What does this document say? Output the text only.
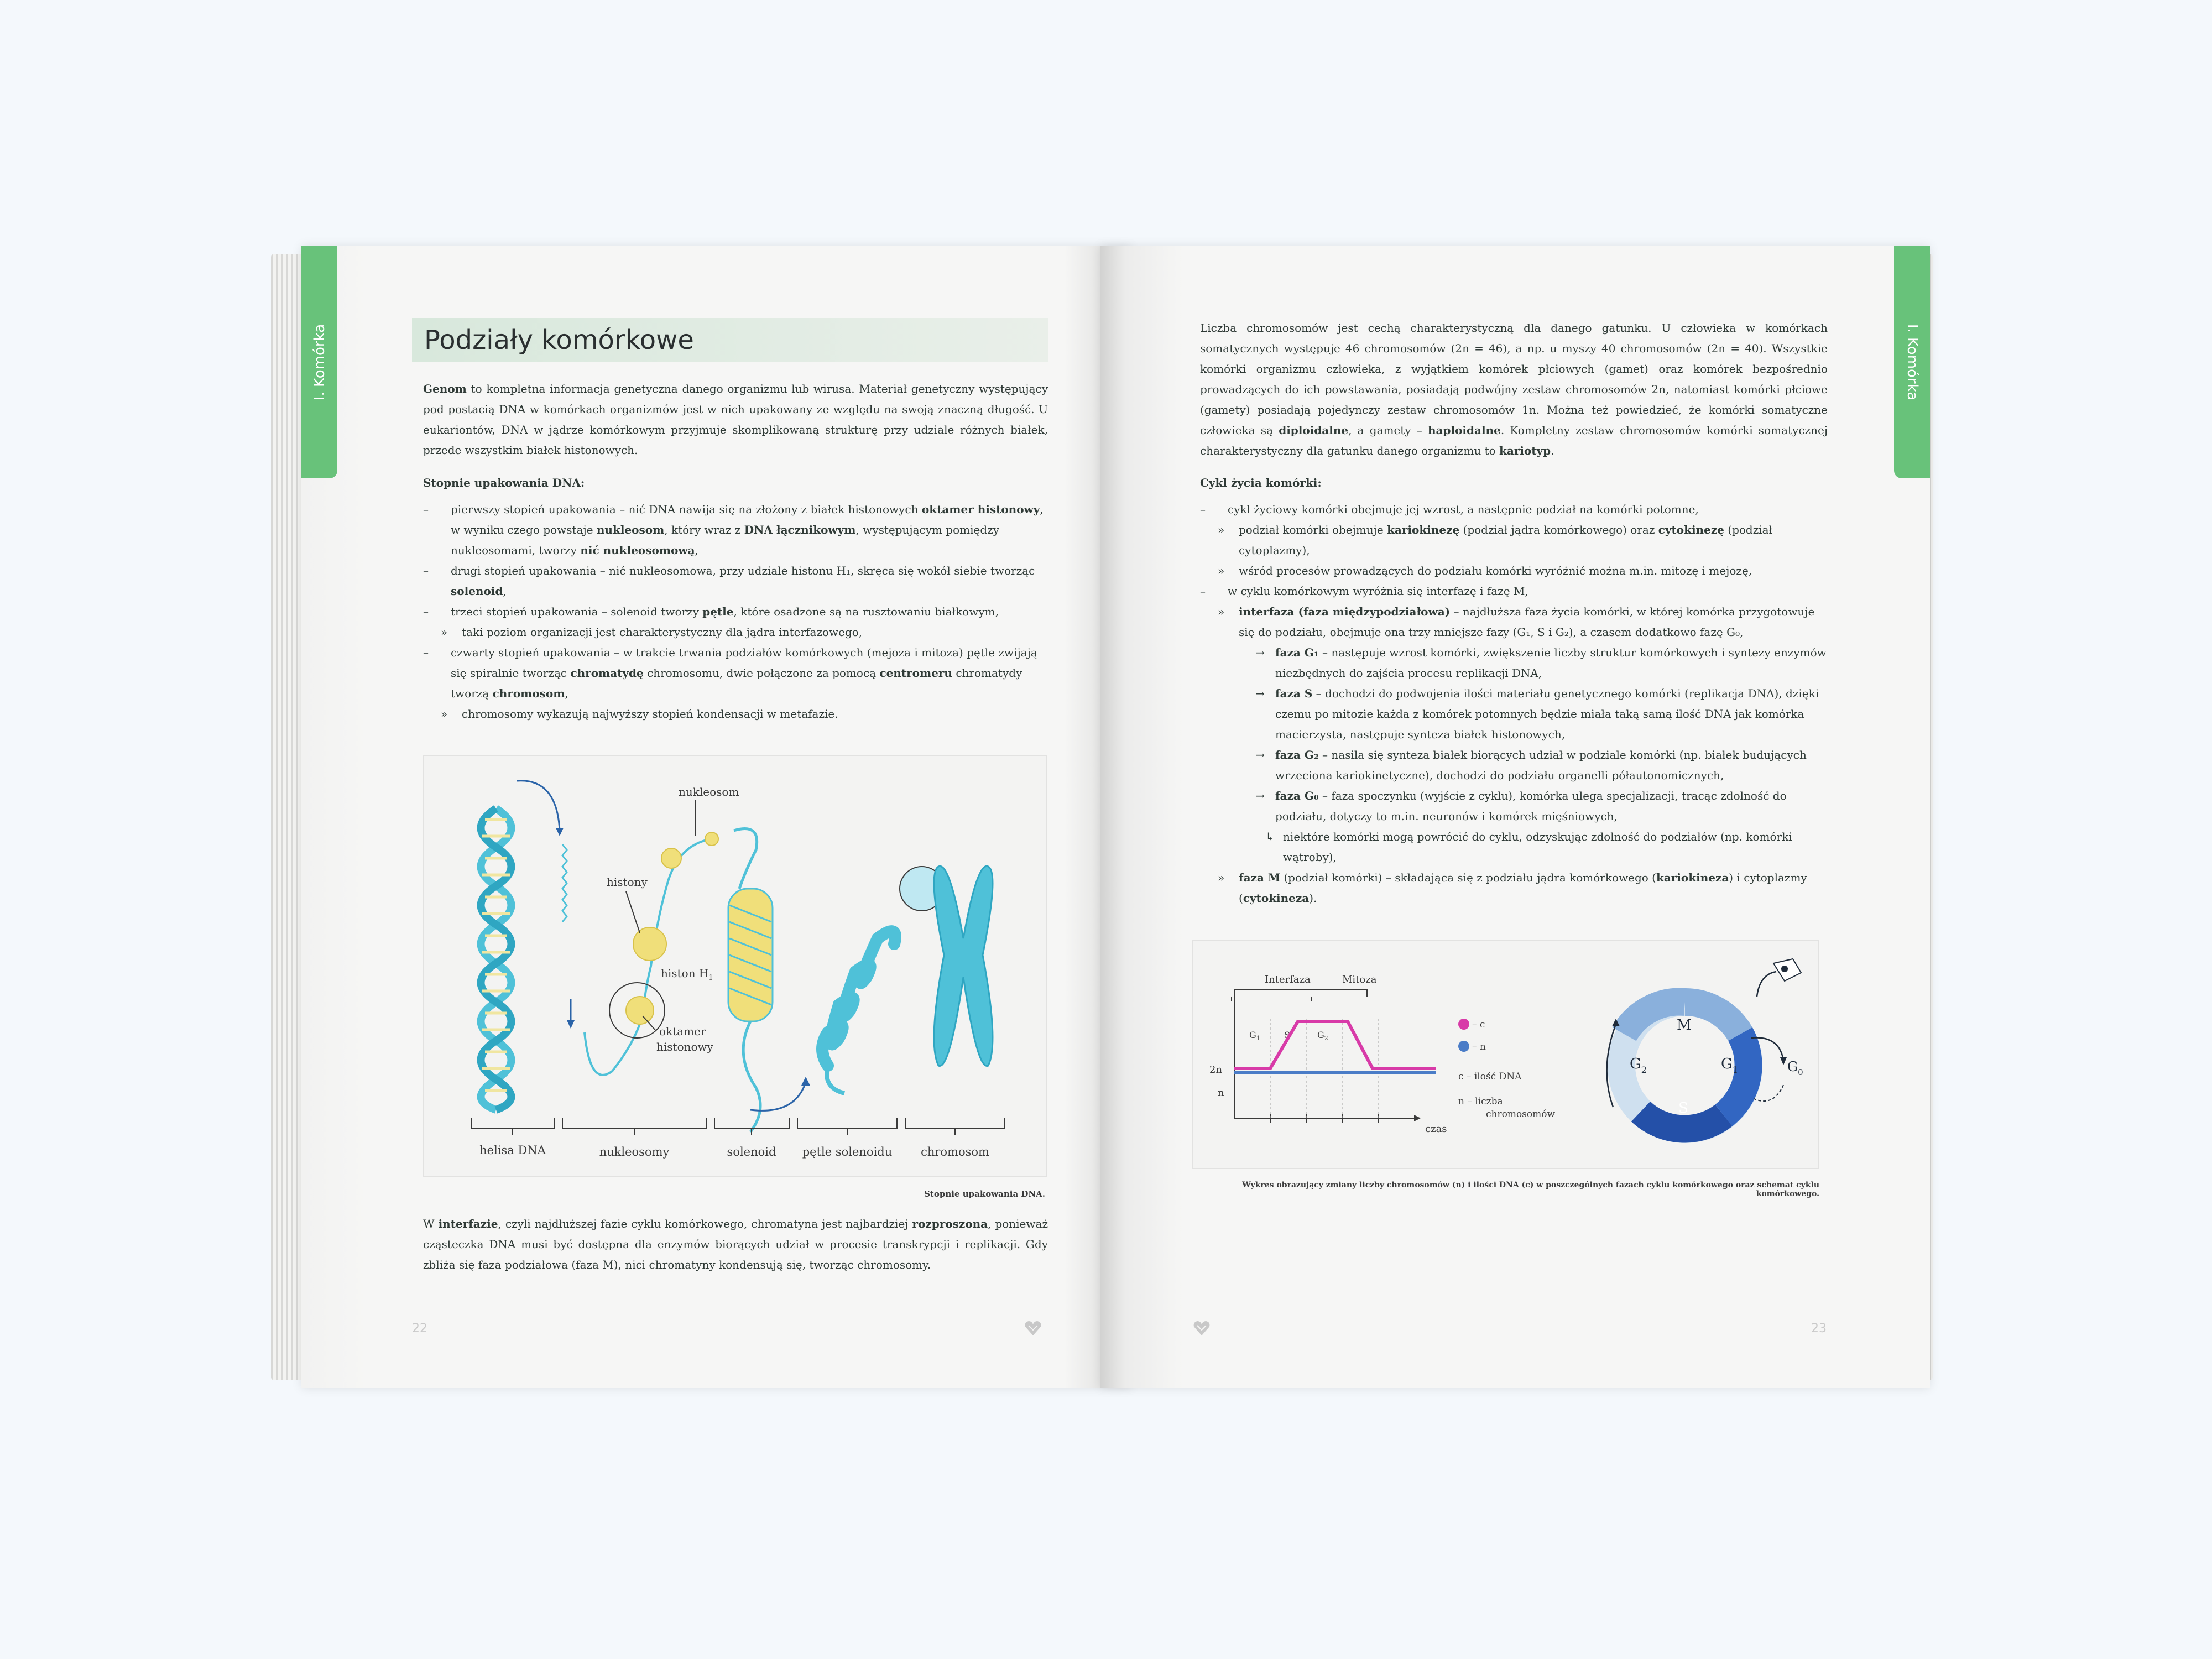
I. Komórka	Podziały komórkowe
Genom to kompletna informacja genetyczna danego organizmu lub wirusa. Materiał genetyczny występujący pod postacią DNA w komórkach organizmów jest w nich upakowany ze względu na swoją znaczną długość. U eukariontów, DNA w jądrze komórkowym przyjmuje skomplikowaną strukturę przy udziale różnych białek, przede wszystkim białek histonowych.
Stopnie upakowania DNA:
– pierwszy stopień upakowania – nić DNA nawija się na złożony z białek histonowych oktamer histonowy, w wyniku czego powstaje nukleosom, który wraz z DNA łącznikowym, występującym pomiędzy nukleosomami, tworzy nić nukleosomową,
– drugi stopień upakowania – nić nukleosomowa, przy udziale histonu H₁, skręca się wokół siebie tworząc solenoid,
– trzeci stopień upakowania – solenoid tworzy pętle, które osadzone są na rusztowaniu białkowym,
» taki poziom organizacji jest charakterystyczny dla jądra interfazowego,
– czwarty stopień upakowania – w trakcie trwania podziałów komórkowych (mejoza i mitoza) pętle zwijają się spiralnie tworząc chromatydę chromosomu, dwie połączone za pomocą centromeru chromatydy tworzą chromosom,
» chromosomy wykazują najwyższy stopień kondensacji w metafazie.
nukleosom
histony
histon $H_1$
oktamer
histonowy
helisa DNA	nukleosomy	solenoid pętle solenoidu chromosom
Stopnie upakowania DNA.
W interfazie, czyli najdłuższej fazie cyklu komórkowego, chromatyna jest najbardziej rozproszona, ponieważ cząsteczka DNA musi być dostępna dla enzymów biorących udział w procesie transkrypcji i replikacji. Gdy zbliża się faza podziałowa (faza M), nici chromatyny kondensują się, tworząc chromosomy.
22
I. Komórka
Liczba chromosomów jest cechą charakterystyczną dla danego gatunku. U człowieka w komórkach somatycznych występuje 46 chromosomów (2n = 46), a np. u myszy 40 chromosomów (2n = 40). Wszystkie komórki organizmu człowieka, z wyjątkiem komórek płciowych (gamet) oraz komórek bezpośrednio prowadzących do ich powstawania, posiadają podwójny zestaw chromosomów 2n, natomiast komórki płciowe (gamety) posiadają pojedynczy zestaw chromosomów 1n. Można też powiedzieć, że komórki somatyczne człowieka są diploidalne, a gamety – haploidalne. Kompletny zestaw chromosomów komórki somatycznej charakterystyczny dla gatunku danego organizmu to kariotyp.
Cykl życia komórki:
– cykl życiowy komórki obejmuje jej wzrost, a następnie podział na komórki potomne,
» podział komórki obejmuje kariokinezę (podział jądra komórkowego) oraz cytokinezę (podział cytoplazmy),
» wśród procesów prowadzących do podziału komórki wyróżnić można m.in. mitozę i mejozę,
– w cyklu komórkowym wyróżnia się interfazę i fazę M,
» interfaza (faza międzypodziałowa) – najdłuższa faza życia komórki, w której komórka przygotowuje się do podziału, obejmuje ona trzy mniejsze fazy (G₁, S i G₂), a czasem dodatkowo fazę G₀,
→ faza G₁ – następuje wzrost komórki, zwiększenie liczby struktur komórkowych i syntezy enzymów niezbędnych do zajścia procesu replikacji DNA,
→ faza S – dochodzi do podwojenia ilości materiału genetycznego komórki (replikacja DNA), dzięki czemu po mitozie każda z komórek potomnych będzie miała taką samą ilość DNA jak komórka macierzysta, następuje synteza białek histonowych,
→ faza G₂ – nasila się synteza białek biorących udział w podziale komórki (np. białek budujących wrzeciona kariokinetyczne), dochodzi do podziału organelli półautonomicznych,
→ faza G₀ – faza spoczynku (wyjście z cyklu), komórka ulega specjalizacji, tracąc zdolność do podziału, dotyczy to m.in. neuronów i komórek mięśniowych,
↳ niektóre komórki mogą powrócić do cyklu, odzyskując zdolność do podziałów (np. komórki wątroby),
» faza M (podział komórki) – składająca się z podziału jądra komórkowego (kariokineza) i cytoplazmy (cytokineza).
Interfaza	Mitoza
2n
n
czas
$G_1$	S	$G_2$
– c
– n
c – ilość DNA
n – liczba
chromosomów
M
$G_1$
S
$G_2$	$G_0$
Wykres obrazujący zmiany liczby chromosomów (n) i ilości DNA (c) w poszczególnych fazach cyklu komórkowego oraz schemat cyklu komórkowego.
23
